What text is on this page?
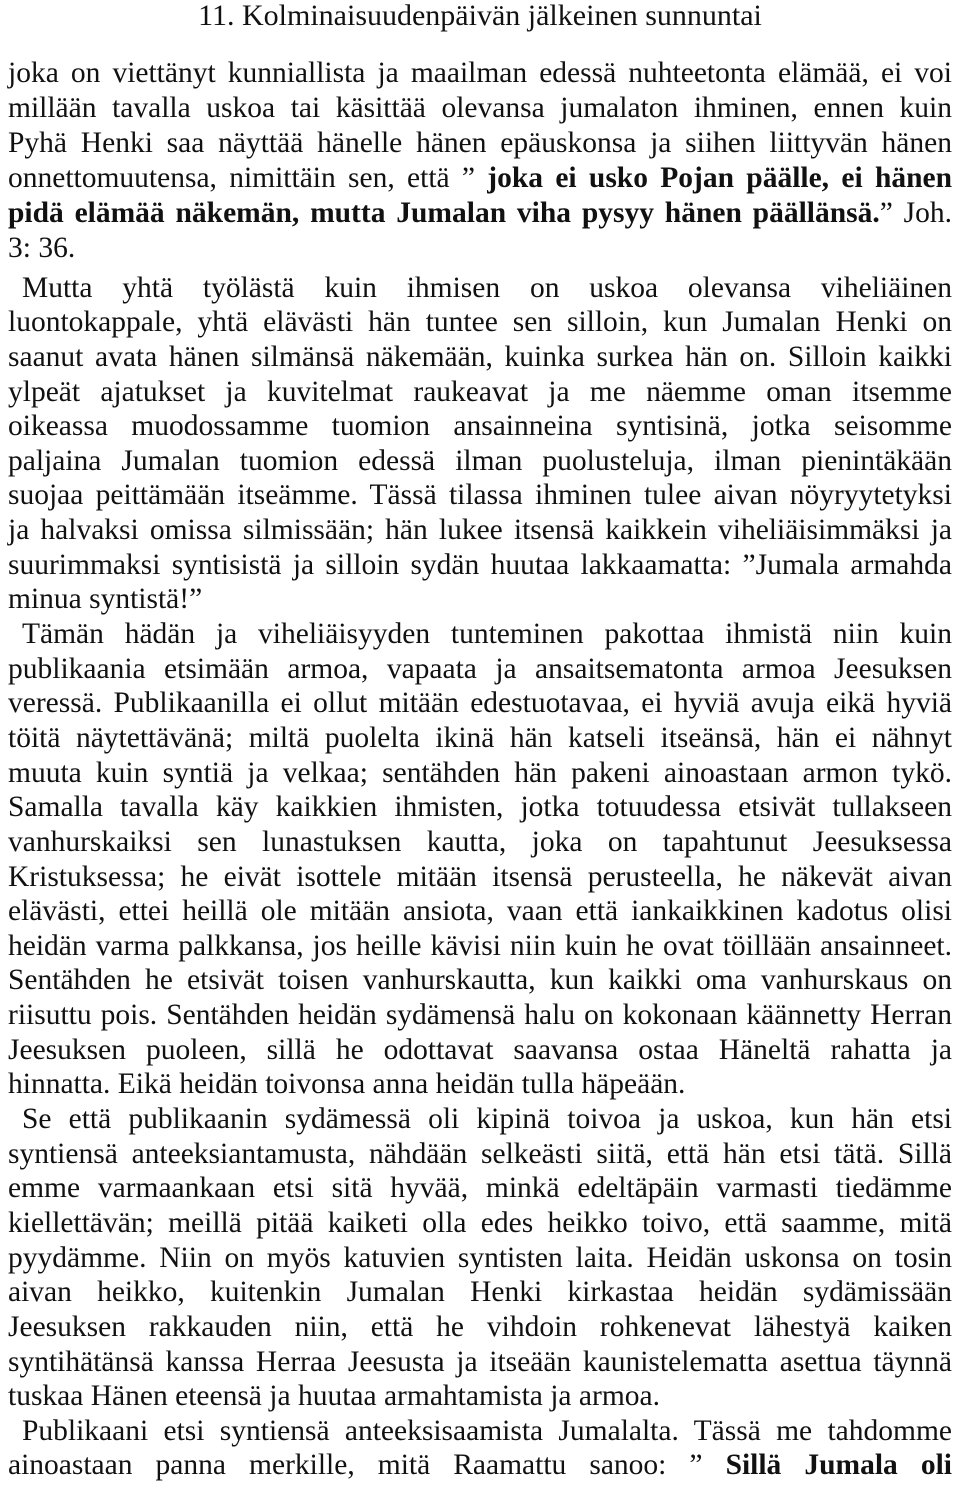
11. Kolminaisuudenpäivän jälkeinen sunnuntai
joka on viettänyt kunniallista ja maailman edessä nuhteetonta elämää, ei voi
millään tavalla uskoa tai käsittää olevansa jumalaton ihminen, ennen kuin
Pyhä Henki saa näyttää hänelle hänen epäuskonsa ja siihen liittyvän hänen
onnettomuutensa, nimittäin sen, että ” joka ei usko Pojan päälle, ei hänen
pidä elämää näkemän, mutta Jumalan viha pysyy hänen päällänsä.” Joh.
3: 36.
Mutta yhtä työlästä kuin ihmisen on uskoa olevansa viheliäinen
luontokappale, yhtä elävästi hän tuntee sen silloin, kun Jumalan Henki on
saanut avata hänen silmänsä näkemään, kuinka surkea hän on. Silloin kaikki
ylpeät ajatukset ja kuvitelmat raukeavat ja me näemme oman itsemme
oikeassa muodossamme tuomion ansainneina syntisinä, jotka seisomme
paljaina Jumalan tuomion edessä ilman puolusteluja, ilman pienintäkään
suojaa peittämään itseämme. Tässä tilassa ihminen tulee aivan nöyryytetyksi
ja halvaksi omissa silmissään; hän lukee itsensä kaikkein viheliäisimmäksi ja
suurimmaksi syntisistä ja silloin sydän huutaa lakkaamatta: ”Jumala armahda
minua syntistä!”
Tämän hädän ja viheliäisyyden tunteminen pakottaa ihmistä niin kuin
publikaania etsimään armoa, vapaata ja ansaitsematonta armoa Jeesuksen
veressä. Publikaanilla ei ollut mitään edestuotavaa, ei hyviä avuja eikä hyviä
töitä näytettävänä; miltä puolelta ikinä hän katseli itseänsä, hän ei nähnyt
muuta kuin syntiä ja velkaa; sentähden hän pakeni ainoastaan armon tykö.
Samalla tavalla käy kaikkien ihmisten, jotka totuudessa etsivät tullakseen
vanhurskaiksi sen lunastuksen kautta, joka on tapahtunut Jeesuksessa
Kristuksessa; he eivät isottele mitään itsensä perusteella, he näkevät aivan
elävästi, ettei heillä ole mitään ansiota, vaan että iankaikkinen kadotus olisi
heidän varma palkkansa, jos heille kävisi niin kuin he ovat töillään ansainneet.
Sentähden he etsivät toisen vanhurskautta, kun kaikki oma vanhurskaus on
riisuttu pois. Sentähden heidän sydämensä halu on kokonaan käännetty Herran
Jeesuksen puoleen, sillä he odottavat saavansa ostaa Häneltä rahatta ja
hinnatta. Eikä heidän toivonsa anna heidän tulla häpeään.
Se että publikaanin sydämessä oli kipinä toivoa ja uskoa, kun hän etsi
syntiensä anteeksiantamusta, nähdään selkeästi siitä, että hän etsi tätä. Sillä
emme varmaankaan etsi sitä hyvää, minkä edeltäpäin varmasti tiedämme
kiellettävän; meillä pitää kaiketi olla edes heikko toivo, että saamme, mitä
pyydämme. Niin on myös katuvien syntisten laita. Heidän uskonsa on tosin
aivan heikko, kuitenkin Jumalan Henki kirkastaa heidän sydämissään
Jeesuksen rakkauden niin, että he vihdoin rohkenevat lähestyä kaiken
syntihätänsä kanssa Herraa Jeesusta ja itseään kaunistelematta asettua täynnä
tuskaa Hänen eteensä ja huutaa armahtamista ja armoa.
Publikaani etsi syntiensä anteeksisaamista Jumalalta. Tässä me tahdomme
ainoastaan panna merkille, mitä Raamattu sanoo: ” Sillä Jumala oli
